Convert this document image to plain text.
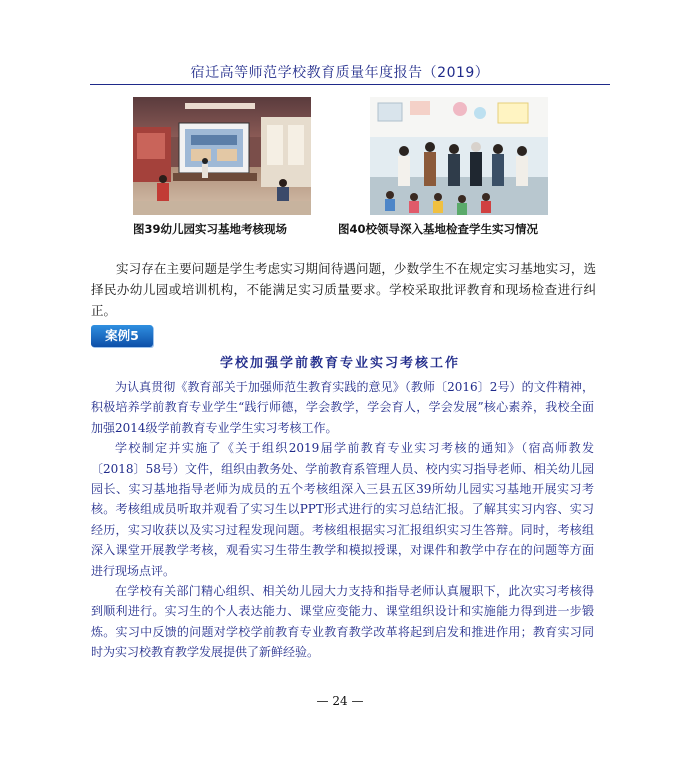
宿迁高等师范学校教育质量年度报告（2019）
图39幼儿园实习基地考核现场	图40校领导深入基地检查学生实习情况
实习存在主要问题是学生考虑实习期间待遇问题，少数学生不在规定实习基地实习，选择民办幼儿园或培训机构，不能满足实习质量要求。学校采取批评教育和现场检查进行纠正。
案例5
学校加强学前教育专业实习考核工作

为认真贯彻《教育部关于加强师范生教育实践的意见》（教师〔2016〕2号）的文件精神，积极培养学前教育专业学生“践行师德，学会教学，学会育人，学会发展”核心素养，我校全面加强2014级学前教育专业学生实习考核工作。

学校制定并实施了《关于组织2019届学前教育专业实习考核的通知》（宿高师教发〔2018〕58号）文件，组织由教务处、学前教育系管理人员、校内实习指导老师、相关幼儿园园长、实习基地指导老师为成员的五个考核组深入三县五区39所幼儿园实习基地开展实习考核。考核组成员听取并观看了实习生以PPT形式进行的实习总结汇报。了解其实习内容、实习经历，实习收获以及实习过程发现问题。考核组根据实习汇报组织实习生答辩。同时，考核组深入课堂开展教学考核，观看实习生带生教学和模拟授课，对课件和教学中存在的问题等方面进行现场点评。

在学校有关部门精心组织、相关幼儿园大力支持和指导老师认真履职下，此次实习考核得到顺利进行。实习生的个人表达能力、课堂应变能力、课堂组织设计和实施能力得到进一步锻炼。实习中反馈的问题对学校学前教育专业教育教学改革将起到启发和推进作用；教育实习同时为实习校教育教学发展提供了新鲜经验。

— 24 —
